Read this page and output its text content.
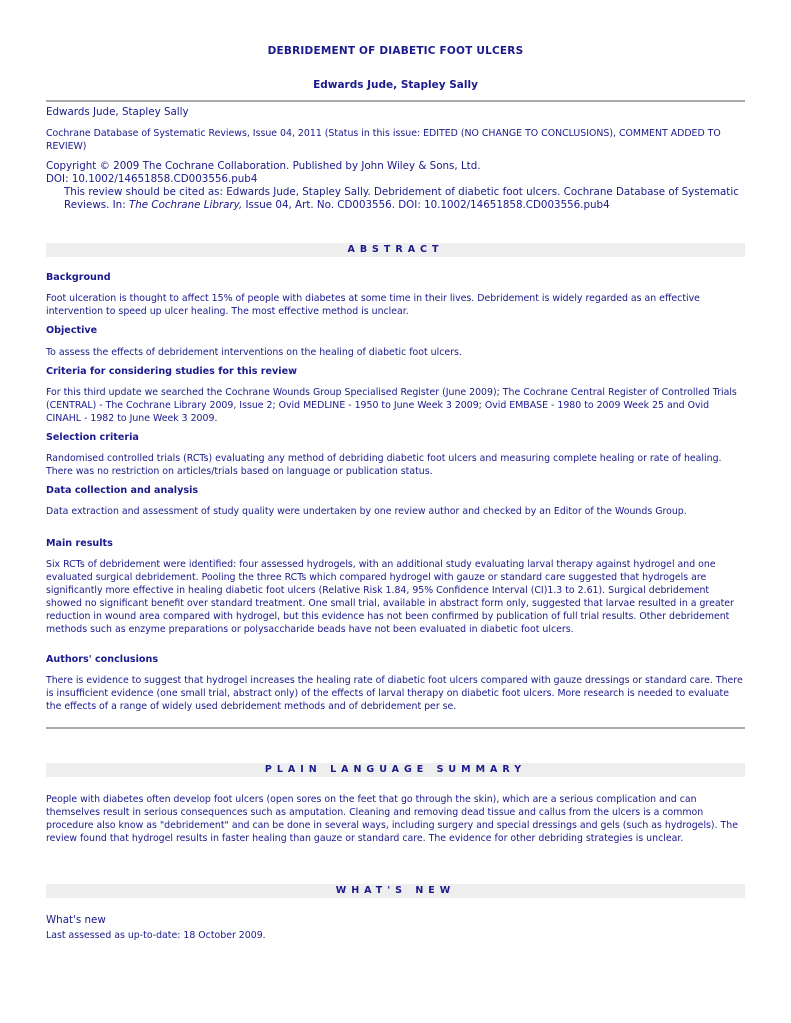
DEBRIDEMENT OF DIABETIC FOOT ULCERS
Edwards Jude, Stapley Sally
Edwards Jude, Stapley Sally
Cochrane Database of Systematic Reviews, Issue 04, 2011 (Status in this issue: EDITED (NO CHANGE TO CONCLUSIONS), COMMENT ADDED TO REVIEW)
Copyright © 2009 The Cochrane Collaboration. Published by John Wiley & Sons, Ltd.
DOI: 10.1002/14651858.CD003556.pub4
This review should be cited as: Edwards Jude, Stapley Sally. Debridement of diabetic foot ulcers. Cochrane Database of Systematic Reviews. In: The Cochrane Library, Issue 04, Art. No. CD003556. DOI: 10.1002/14651858.CD003556.pub4
ABSTRACT
Background
Foot ulceration is thought to affect 15% of people with diabetes at some time in their lives. Debridement is widely regarded as an effective intervention to speed up ulcer healing. The most effective method is unclear.
Objective
To assess the effects of debridement interventions on the healing of diabetic foot ulcers.
Criteria for considering studies for this review
For this third update we searched the Cochrane Wounds Group Specialised Register (June 2009); The Cochrane Central Register of Controlled Trials (CENTRAL) - The Cochrane Library 2009, Issue 2; Ovid MEDLINE - 1950 to June Week 3 2009; Ovid EMBASE - 1980 to 2009 Week 25 and Ovid CINAHL - 1982 to June Week 3 2009.
Selection criteria
Randomised controlled trials (RCTs) evaluating any method of debriding diabetic foot ulcers and measuring complete healing or rate of healing. There was no restriction on articles/trials based on language or publication status.
Data collection and analysis
Data extraction and assessment of study quality were undertaken by one review author and checked by an Editor of the Wounds Group.
Main results
Six RCTs of debridement were identified: four assessed hydrogels, with an additional study evaluating larval therapy against hydrogel and one evaluated surgical debridement. Pooling the three RCTs which compared hydrogel with gauze or standard care suggested that hydrogels are significantly more effective in healing diabetic foot ulcers (Relative Risk 1.84, 95% Confidence Interval (CI)1.3 to 2.61). Surgical debridement showed no significant benefit over standard treatment. One small trial, available in abstract form only, suggested that larvae resulted in a greater reduction in wound area compared with hydrogel, but this evidence has not been confirmed by publication of full trial results. Other debridement methods such as enzyme preparations or polysaccharide beads have not been evaluated in diabetic foot ulcers.
Authors' conclusions
There is evidence to suggest that hydrogel increases the healing rate of diabetic foot ulcers compared with gauze dressings or standard care. There is insufficient evidence (one small trial, abstract only) of the effects of larval therapy on diabetic foot ulcers. More research is needed to evaluate the effects of a range of widely used debridement methods and of debridement per se.
PLAIN LANGUAGE SUMMARY
People with diabetes often develop foot ulcers (open sores on the feet that go through the skin), which are a serious complication and can themselves result in serious consequences such as amputation. Cleaning and removing dead tissue and callus from the ulcers is a common procedure also know as "debridement" and can be done in several ways, including surgery and special dressings and gels (such as hydrogels). The review found that hydrogel results in faster healing than gauze or standard care. The evidence for other debriding strategies is unclear.
WHAT'S NEW
What's new
Last assessed as up-to-date: 18 October 2009.
